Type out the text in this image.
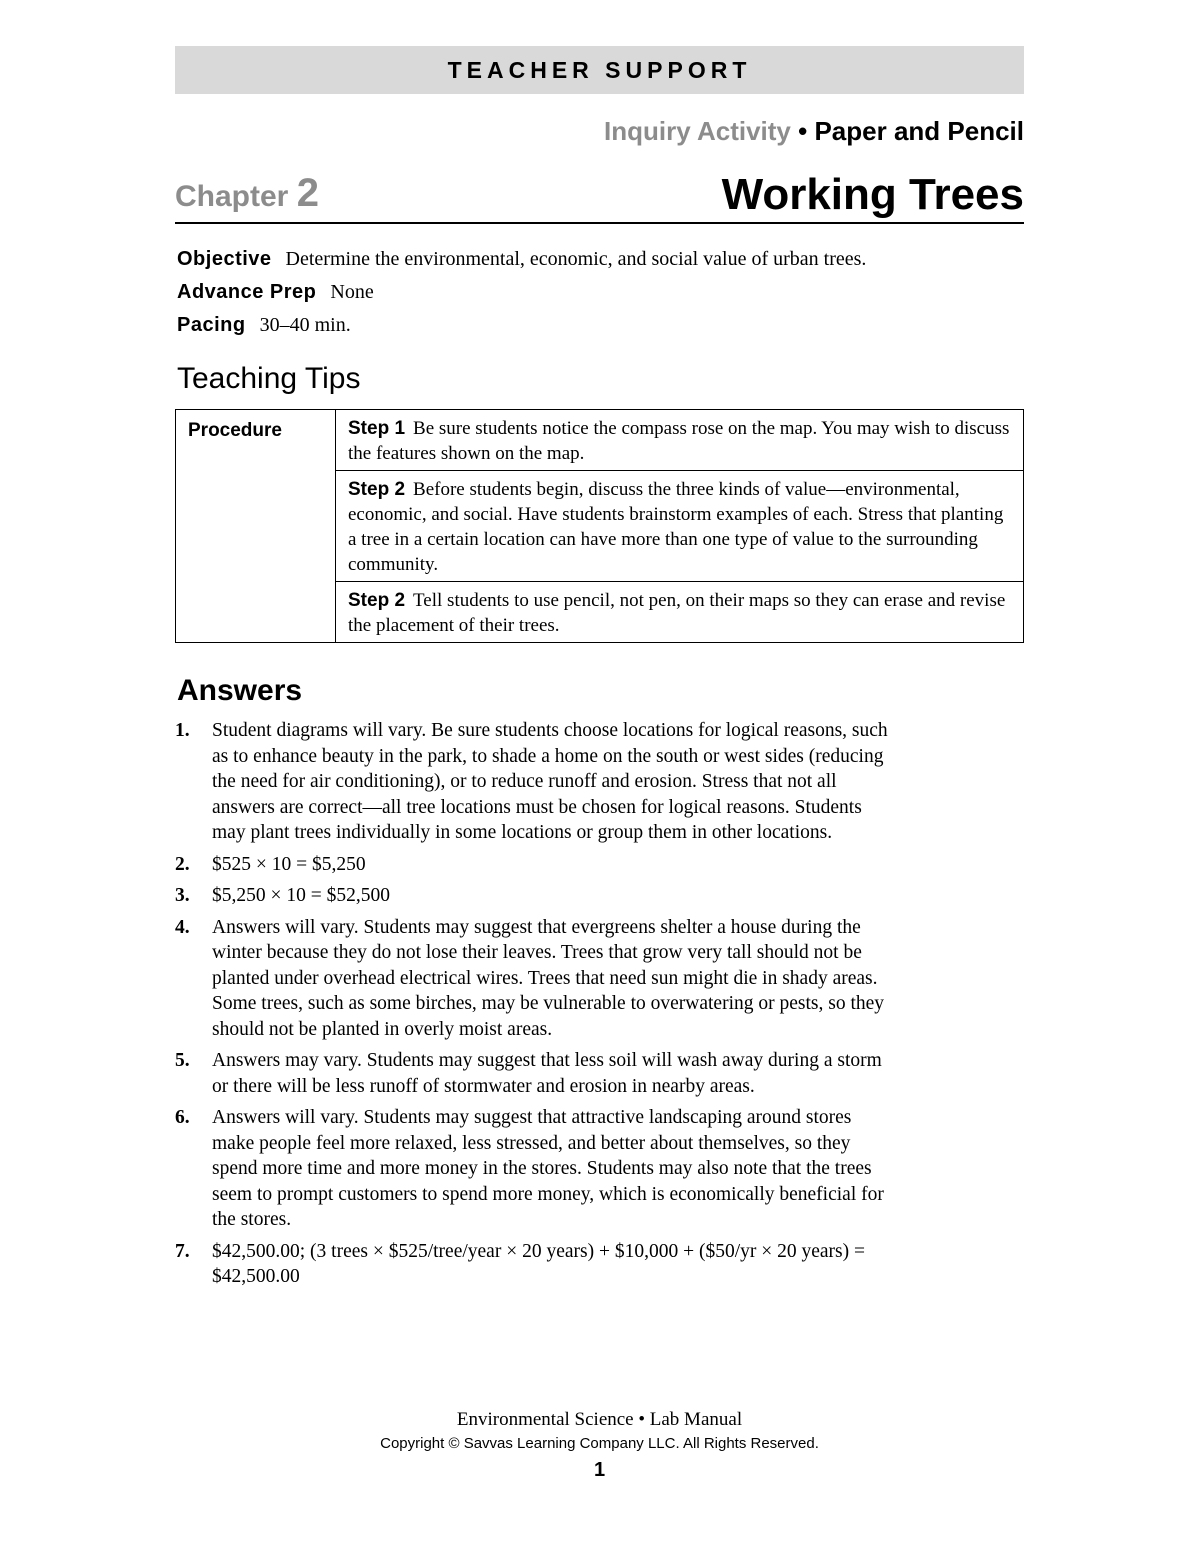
TEACHER SUPPORT
Inquiry Activity • Paper and Pencil
Chapter 2	Working Trees
Objective Determine the environmental, economic, and social value of urban trees.
Advance Prep None
Pacing 30–40 min.
Teaching Tips
Procedure	Step 1 Be sure students notice the compass rose on the map. You may wish to discuss the features shown on the map.
Step 2 Before students begin, discuss the three kinds of value—environmental, economic, and social. Have students brainstorm examples of each. Stress that planting a tree in a certain location can have more than one type of value to the surrounding community.
Step 2 Tell students to use pencil, not pen, on their maps so they can erase and revise the placement of their trees.
Answers
1. Student diagrams will vary. Be sure students choose locations for logical reasons, such as to enhance beauty in the park, to shade a home on the south or west sides (reducing the need for air conditioning), or to reduce runoff and erosion. Stress that not all answers are correct—all tree locations must be chosen for logical reasons. Students may plant trees individually in some locations or group them in other locations.
2. $525 × 10 = $5,250
3. $5,250 × 10 = $52,500
4. Answers will vary. Students may suggest that evergreens shelter a house during the winter because they do not lose their leaves. Trees that grow very tall should not be planted under overhead electrical wires. Trees that need sun might die in shady areas. Some trees, such as some birches, may be vulnerable to overwatering or pests, so they should not be planted in overly moist areas.
5. Answers may vary. Students may suggest that less soil will wash away during a storm or there will be less runoff of stormwater and erosion in nearby areas.
6. Answers will vary. Students may suggest that attractive landscaping around stores make people feel more relaxed, less stressed, and better about themselves, so they spend more time and more money in the stores. Students may also note that the trees seem to prompt customers to spend more money, which is economically beneficial for the stores.
7. $42,500.00; (3 trees × $525/tree/year × 20 years) + $10,000 + ($50/yr × 20 years) = $42,500.00
Environmental Science • Lab Manual
Copyright © Savvas Learning Company LLC. All Rights Reserved.
1
